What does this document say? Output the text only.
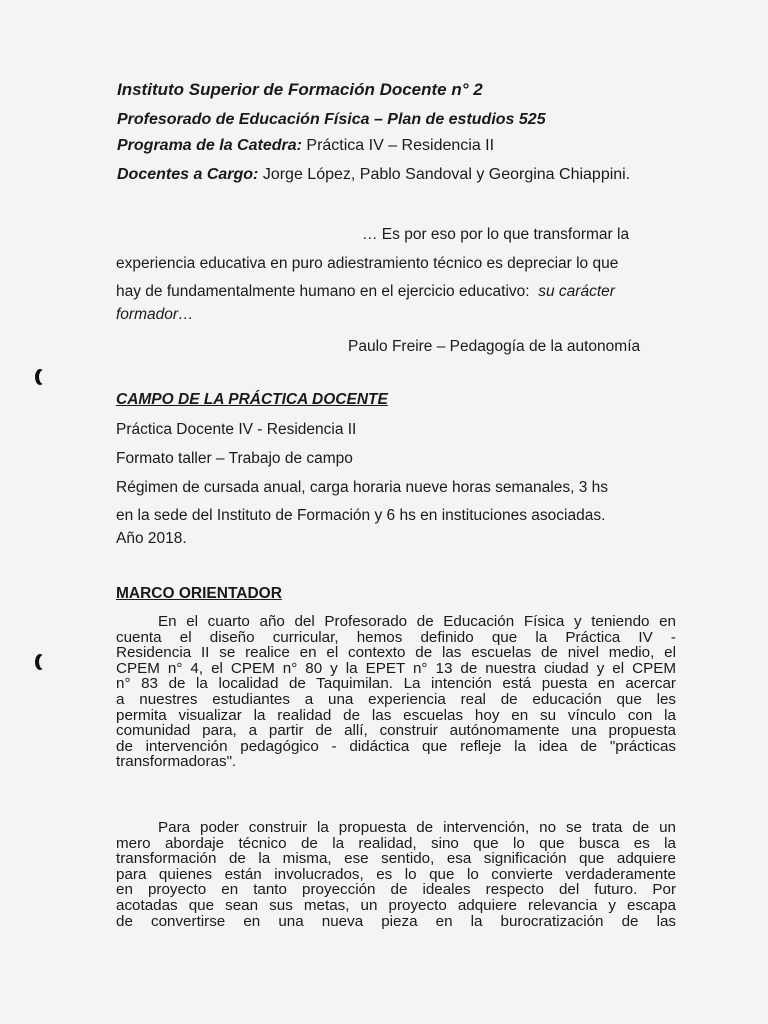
Instituto Superior de Formación Docente n° 2
Profesorado de Educación Física – Plan de estudios 525
Programa de la Catedra: Práctica IV – Residencia II
Docentes a Cargo: Jorge López, Pablo Sandoval y Georgina Chiappini.
… Es por eso por lo que transformar la
experiencia educativa en puro adiestramiento técnico es depreciar lo que
hay de fundamentalmente humano en el ejercicio educativo: su carácter
formador…
Paulo Freire – Pedagogía de la autonomía
CAMPO DE LA PRÁCTICA DOCENTE
Práctica Docente IV - Residencia II
Formato taller – Trabajo de campo
Régimen de cursada anual, carga horaria nueve horas semanales, 3 hs
en la sede del Instituto de Formación y 6 hs en instituciones asociadas.
Año 2018.
MARCO ORIENTADOR
En el cuarto año del Profesorado de Educación Física y teniendo en
cuenta el diseño curricular, hemos definido que la Práctica IV -
Residencia II se realice en el contexto de las escuelas de nivel medio, el
CPEM n° 4, el CPEM n° 80 y la EPET n° 13 de nuestra ciudad y el CPEM
n° 83 de la localidad de Taquimilan. La intención está puesta en acercar
a nuestres estudiantes a una experiencia real de educación que les
permita visualizar la realidad de las escuelas hoy en su vínculo con la
comunidad para, a partir de allí, construir autónomamente una propuesta
de intervención pedagógico - didáctica que refleje la idea de "prácticas
transformadoras".
Para poder construir la propuesta de intervención, no se trata de un
mero abordaje técnico de la realidad, sino que lo que busca es la
transformación de la misma, ese sentido, esa significación que adquiere
para quienes están involucrados, es lo que lo convierte verdaderamente
en proyecto en tanto proyección de ideales respecto del futuro. Por
acotadas que sean sus metas, un proyecto adquiere relevancia y escapa
de convertirse en una nueva pieza en la burocratización de las
